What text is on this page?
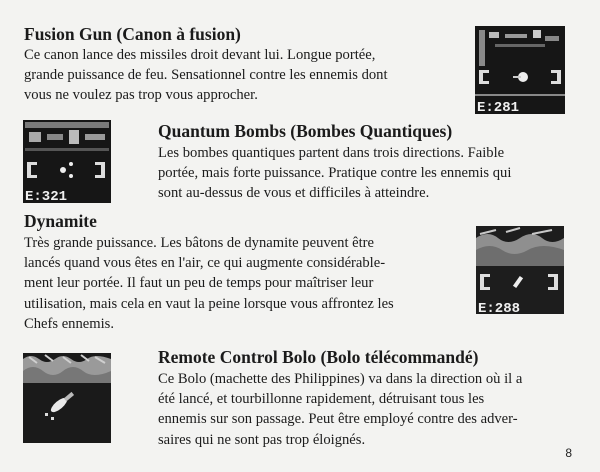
Fusion Gun (Canon à fusion)
Ce canon lance des missiles droit devant lui. Longue portée,
grande puissance de feu. Sensationnel contre les ennemis dont
vous ne voulez pas trop vous approcher.
E:281
E:321
Quantum Bombs (Bombes Quantiques)
Les bombes quantiques partent dans trois directions. Faible
portée, mais forte puissance. Pratique contre les ennemis qui
sont au-dessus de vous et difficiles à atteindre.
Dynamite
Très grande puissance. Les bâtons de dynamite peuvent être
lancés quand vous êtes en l'air, ce qui augmente considérable-
ment leur portée. Il faut un peu de temps pour maîtriser leur
utilisation, mais cela en vaut la peine lorsque vous affrontez les
Chefs ennemis.
E:288
Remote Control Bolo (Bolo télécommandé)
Ce Bolo (machette des Philippines) va dans la direction où il a
été lancé, et tourbillonne rapidement, détruisant tous les
ennemis sur son passage. Peut être employé contre des adver-
saires qui ne sont pas trop éloignés.
8
